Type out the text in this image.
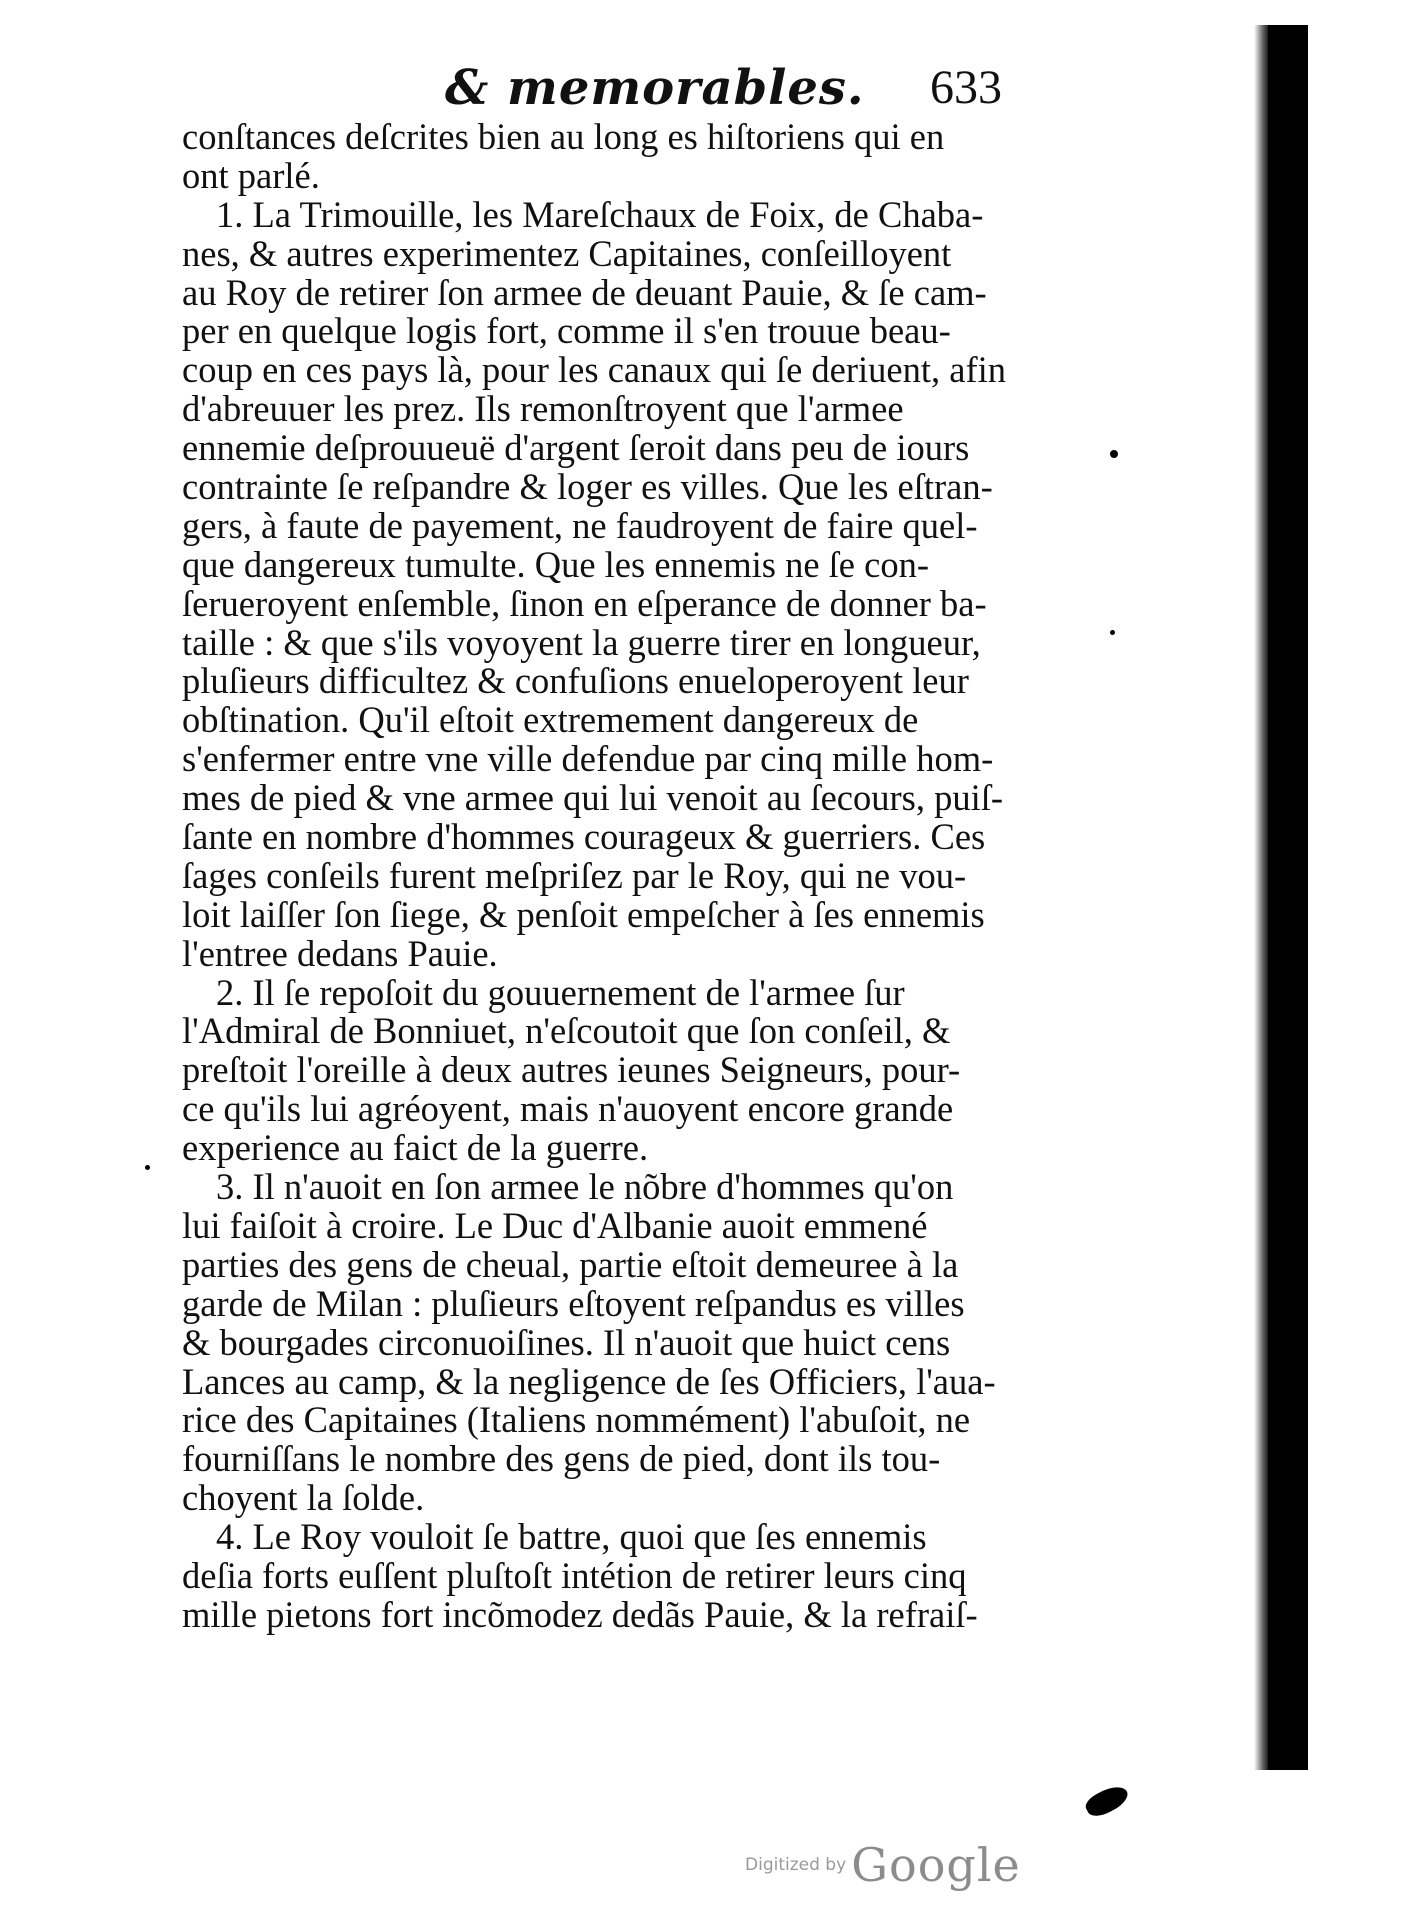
& memorables. 633
conſtances deſcrites bien au long es hiſtoriens qui en
ont parlé.
1. La Trimouille, les Mareſchaux de Foix, de Chaba-
nes, & autres experimentez Capitaines, conſeilloyent
au Roy de retirer ſon armee de deuant Pauie, & ſe cam-
per en quelque logis fort, comme il s'en trouue beau-
coup en ces pays là, pour les canaux qui ſe deriuent, afin
d'abreuuer les prez. Ils remonſtroyent que l'armee
ennemie deſprouueuë d'argent ſeroit dans peu de iours
contrainte ſe reſpandre & loger es villes. Que les eſtran-
gers, à faute de payement, ne faudroyent de faire quel-
que dangereux tumulte. Que les ennemis ne ſe con-
ſerueroyent enſemble, ſinon en eſperance de donner ba-
taille : & que s'ils voyoyent la guerre tirer en longueur,
pluſieurs difficultez & confuſions enueloperoyent leur
obſtination. Qu'il eſtoit extremement dangereux de
s'enfermer entre vne ville defendue par cinq mille hom-
mes de pied & vne armee qui lui venoit au ſecours, puiſ-
ſante en nombre d'hommes courageux & guerriers. Ces
ſages conſeils furent meſpriſez par le Roy, qui ne vou-
loit laiſſer ſon ſiege, & penſoit empeſcher à ſes ennemis
l'entree dedans Pauie.
2. Il ſe repoſoit du gouuernement de l'armee ſur
l'Admiral de Bonniuet, n'eſcoutoit que ſon conſeil, &
preſtoit l'oreille à deux autres ieunes Seigneurs, pour-
ce qu'ils lui agréoyent, mais n'auoyent encore grande
experience au faict de la guerre.
3. Il n'auoit en ſon armee le nõbre d'hommes qu'on
lui faiſoit à croire. Le Duc d'Albanie auoit emmené
parties des gens de cheual, partie eſtoit demeuree à la
garde de Milan : pluſieurs eſtoyent reſpandus es villes
& bourgades circonuoiſines. Il n'auoit que huict cens
Lances au camp, & la negligence de ſes Officiers, l'aua-
rice des Capitaines (Italiens nommément) l'abuſoit, ne
fourniſſans le nombre des gens de pied, dont ils tou-
choyent la ſolde.
4. Le Roy vouloit ſe battre, quoi que ſes ennemis
deſia forts euſſent pluſtoſt intétion de retirer leurs cinq
mille pietons fort incõmodez dedãs Pauie, & la refraiſ-
Digitized by Google
